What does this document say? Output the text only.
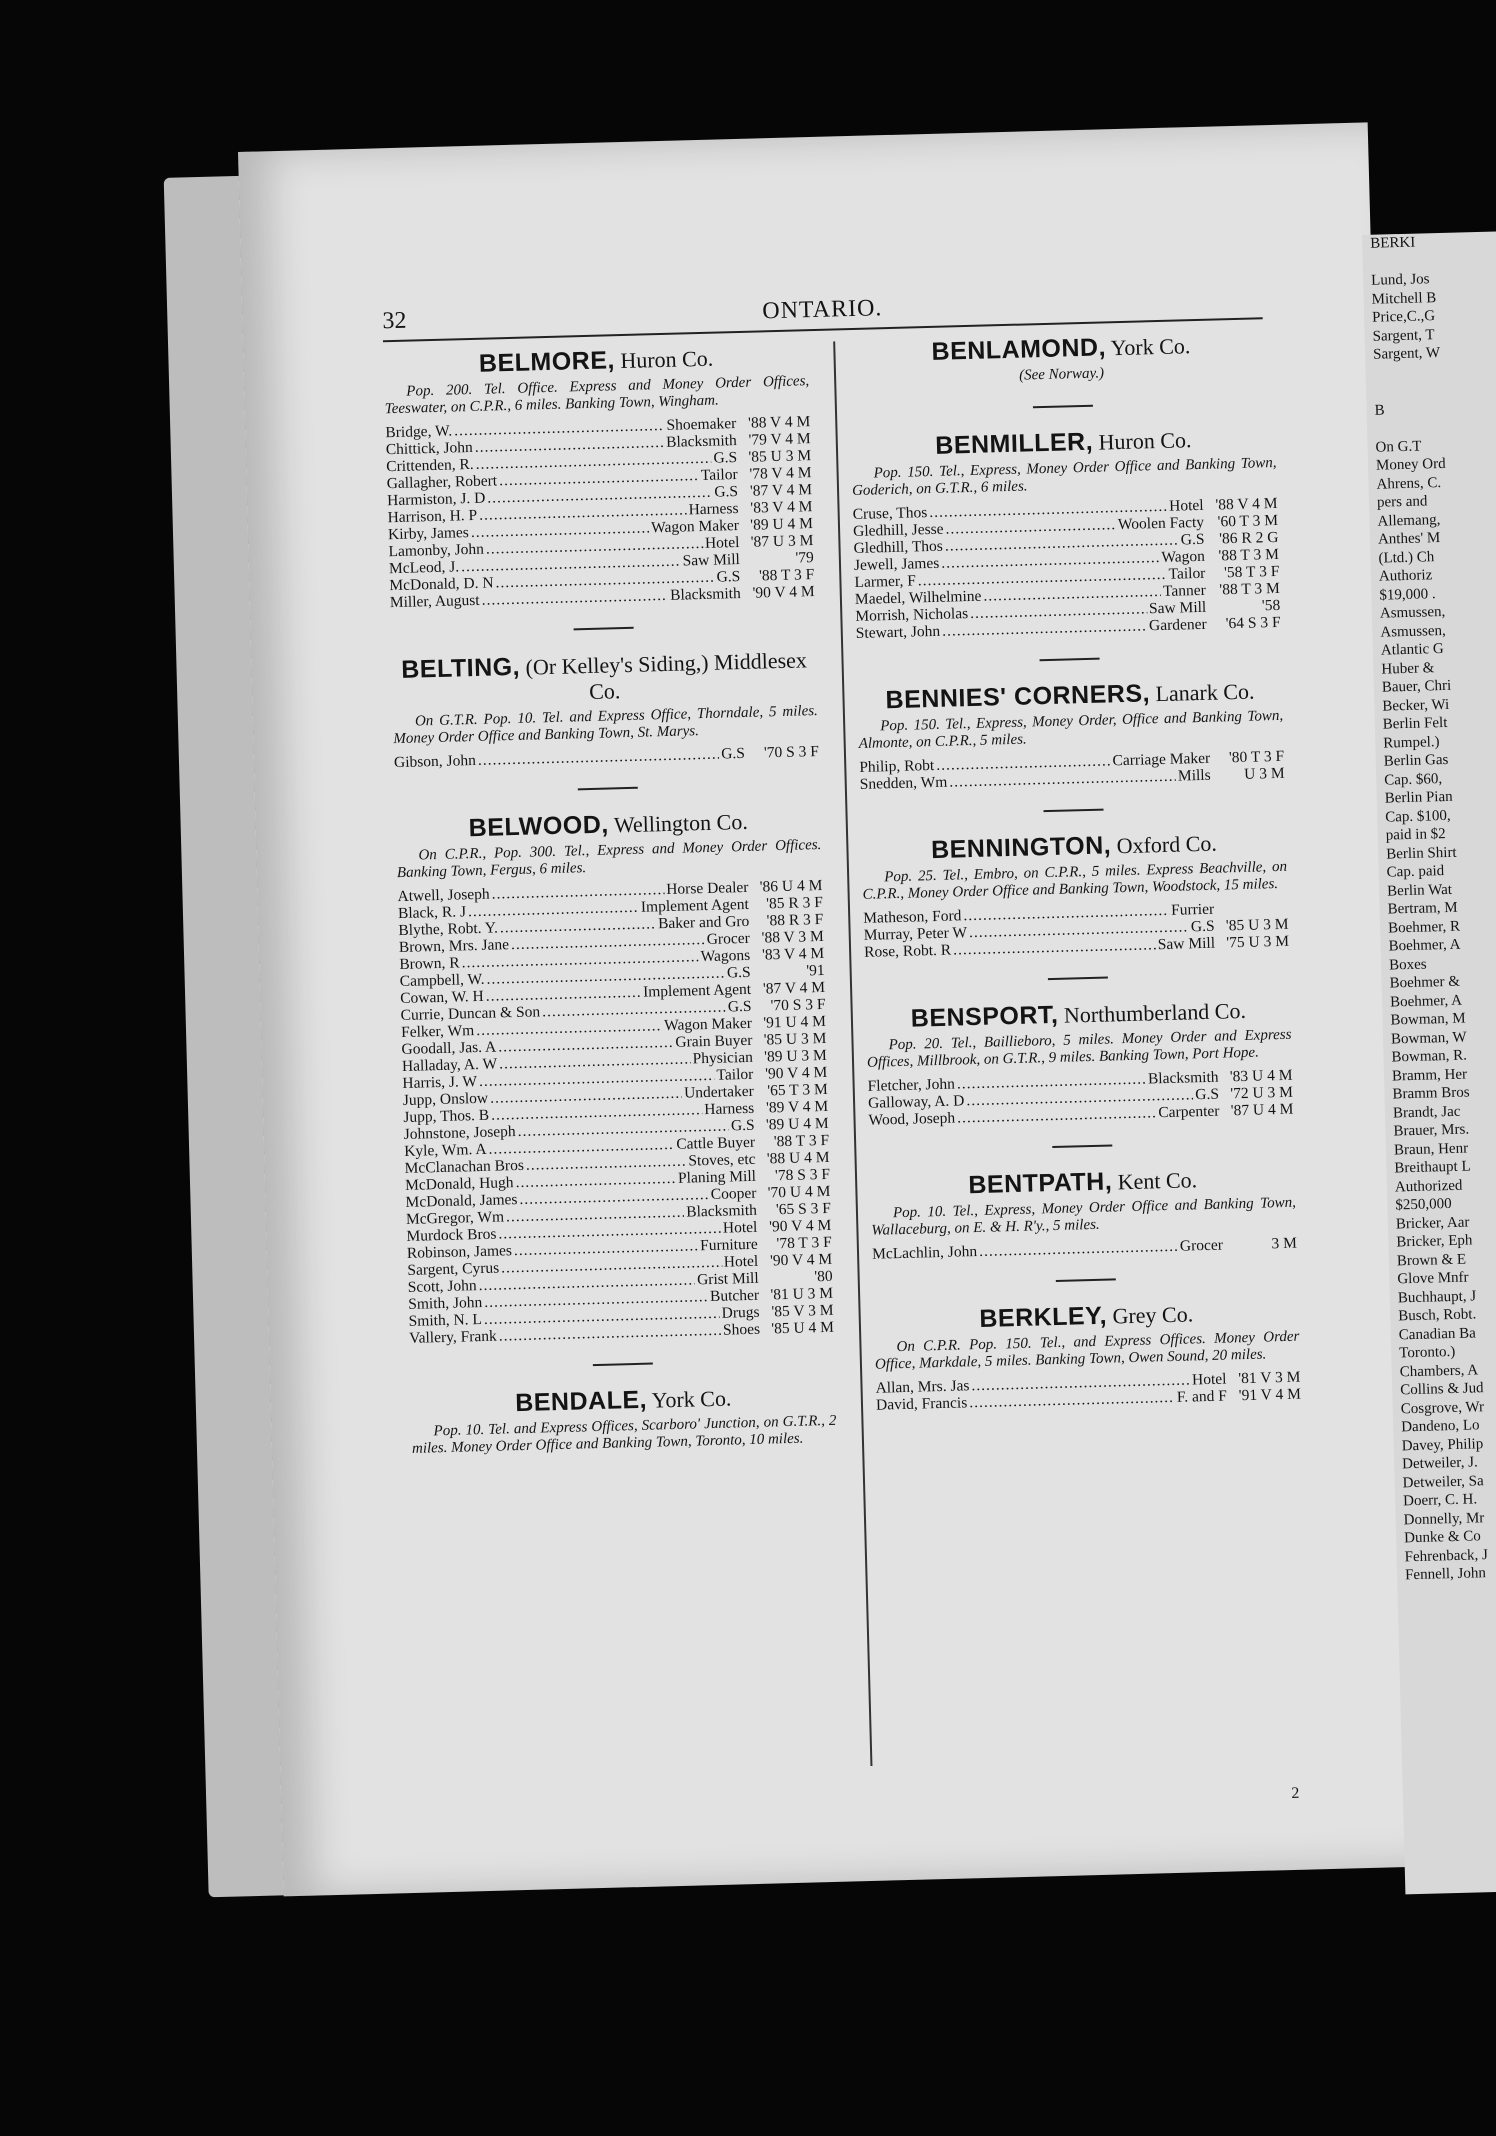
32	ONTARIO.
BELMORE, Huron Co.
Pop. 200. Tel. Office. Express and Money Order Offices, Teeswater, on C.P.R., 6 miles. Banking Town, Wingham.
Bridge, W. .....	Shoemaker '88 V 4 M
Chittick, John .....	Blacksmith '79 V 4 M
Crittenden, R. .....	G.S '85 U 3 M
Gallagher, Robert .....	Tailor '78 V 4 M
Harmiston, J. D .....	G.S '87 V 4 M
Harrison, H. P .....	Harness '83 V 4 M
Kirby, James .....	Wagon Maker '89 U 4 M
Lamonby, John .....	Hotel '87 U 3 M
McLeod, J. .....	Saw Mill	'79
McDonald, D. N .....	G.S	'88 T 3 F
Miller, August .....	Blacksmith '90 V 4 M
BELTING, (Or Kelley's Siding,) Middlesex Co.
On G.T.R. Pop. 10. Tel. and Express Office, Thorndale, 5 miles. Money Order Office and Banking Town, St. Marys.
Gibson, John .....	G.S	'70 S 3 F
BELWOOD, Wellington Co.
On C.P.R., Pop. 300. Tel., Express and Money Order Offices. Banking Town, Fergus, 6 miles.
Atwell, Joseph .....	Horse Dealer '86 U 4 M
Black, R. J .....	Implement Agent	'85 R 3 F
Blythe, Robt. Y. .....	Baker and Gro	'88 R 3 F
Brown, Mrs. Jane .....	Grocer '88 V 3 M
Brown, R .....	Wagons '83 V 4 M
Campbell, W. .....	G.S	'91
Cowan, W. H .....	Implement Agent '87 V 4 M
Currie, Duncan & Son .....	G.S	'70 S 3 F
Felker, Wm .....	Wagon Maker '91 U 4 M
Goodall, Jas. A .....	Grain Buyer '85 U 3 M
Halladay, A. W .....	Physician '89 U 3 M
Harris, J. W .....	Tailor '90 V 4 M
Jupp, Onslow .....	Undertaker '65 T 3 M
Jupp, Thos. B .....	Harness '89 V 4 M
Johnstone, Joseph .....	G.S '89 U 4 M
Kyle, Wm. A .....	Cattle Buyer	'88 T 3 F
McClanachan Bros .....	Stoves, etc '88 U 4 M
McDonald, Hugh .....	Planing Mill	'78 S 3 F
McDonald, James .....	Cooper '70 U 4 M
McGregor, Wm .....	Blacksmith	'65 S 3 F
Murdock Bros .....	Hotel '90 V 4 M
Robinson, James .....	Furniture	'78 T 3 F
Sargent, Cyrus .....	Hotel '90 V 4 M
Scott, John .....	Grist Mill	'80
Smith, John .....	Butcher '81 U 3 M
Smith, N. L .....	Drugs '85 V 3 M
Vallery, Frank .....	Shoes '85 U 4 M
BENDALE, York Co.
Pop. 10. Tel. and Express Offices, Scarboro' Junction, on G.T.R., 2 miles. Money Order Office and Banking Town, Toronto, 10 miles.
BENLAMOND, York Co.
(See Norway.)
BENMILLER, Huron Co.
Pop. 150. Tel., Express, Money Order Office and Banking Town, Goderich, on G.T.R., 6 miles.
Cruse, Thos .....	Hotel '88 V 4 M
Gledhill, Jesse .....	Woolen Facty '60 T 3 M
Gledhill, Thos .....	G.S '86 R 2 G
Jewell, James .....	Wagon '88 T 3 M
Larmer, F .....	Tailor	'58 T 3 F
Maedel, Wilhelmine .....	Tanner '88 T 3 M
Morrish, Nicholas .....	Saw Mill	'58
Stewart, John .....	Gardener	'64 S 3 F
BENNIES' CORNERS, Lanark Co.
Pop. 150. Tel., Express, Money Order, Office and Banking Town, Almonte, on C.P.R., 5 miles.
Philip, Robt .....	Carriage Maker	'80 T 3 F
Snedden, Wm .....	Mills	U 3 M
BENNINGTON, Oxford Co.
Pop. 25. Tel., Embro, on C.P.R., 5 miles. Express Beachville, on C.P.R., Money Order Office and Banking Town, Woodstock, 15 miles.
Matheson, Ford .....	Furrier
Murray, Peter W .....	G.S '85 U 3 M
Rose, Robt. R .....	Saw Mill '75 U 3 M
BENSPORT, Northumberland Co.
Pop. 20. Tel., Baillieboro, 5 miles. Money Order and Express Offices, Millbrook, on G.T.R., 9 miles. Banking Town, Port Hope.
Fletcher, John .....	Blacksmith '83 U 4 M
Galloway, A. D .....	G.S '72 U 3 M
Wood, Joseph .....	Carpenter '87 U 4 M
BENTPATH, Kent Co.
Pop. 10. Tel., Express, Money Order Office and Banking Town, Wallaceburg, on E. & H. R'y., 5 miles.
McLachlin, John .....	Grocer	3 M
BERKLEY, Grey Co.
On C.P.R. Pop. 150. Tel., and Express Offices. Money Order Office, Markdale, 5 miles. Banking Town, Owen Sound, 20 miles.
Allan, Mrs. Jas .....	Hotel '81 V 3 M
David, Francis .....	F. and F '91 V 4 M
2
BERKI
Lund, Jos
Mitchell B
Price,C.,G
Sargent, T
Sargent, W
B
On G.T
Money Ord
Ahrens, C.
pers and
Allemang,
Anthes' M
(Ltd.) Ch
Authoriz
$19,000 .
Asmussen,
Asmussen,
Atlantic G
Huber &
Bauer, Chri
Becker, Wi
Berlin Felt
Rumpel.)
Berlin Gas
Cap. $60,
Berlin Pian
Cap. $100,
paid in $2
Berlin Shirt
Cap. paid
Berlin Wat
Bertram, M
Boehmer, R
Boehmer, A
Boxes
Boehmer &
Boehmer, A
Bowman, M
Bowman, W
Bowman, R.
Bramm, Her
Bramm Bros
Brandt, Jac
Brauer, Mrs.
Braun, Henr
Breithaupt L
Authorized
$250,000
Bricker, Aar
Bricker, Eph
Brown & E
Glove Mnfr
Buchhaupt, J
Busch, Robt.
Canadian Ba
Toronto.)
Chambers, A
Collins & Jud
Cosgrove, Wr
Dandeno, Lo
Davey, Philip
Detweiler, J.
Detweiler, Sa
Doerr, C. H.
Donnelly, Mr
Dunke & Co
Fehrenback, J
Fennell, John
